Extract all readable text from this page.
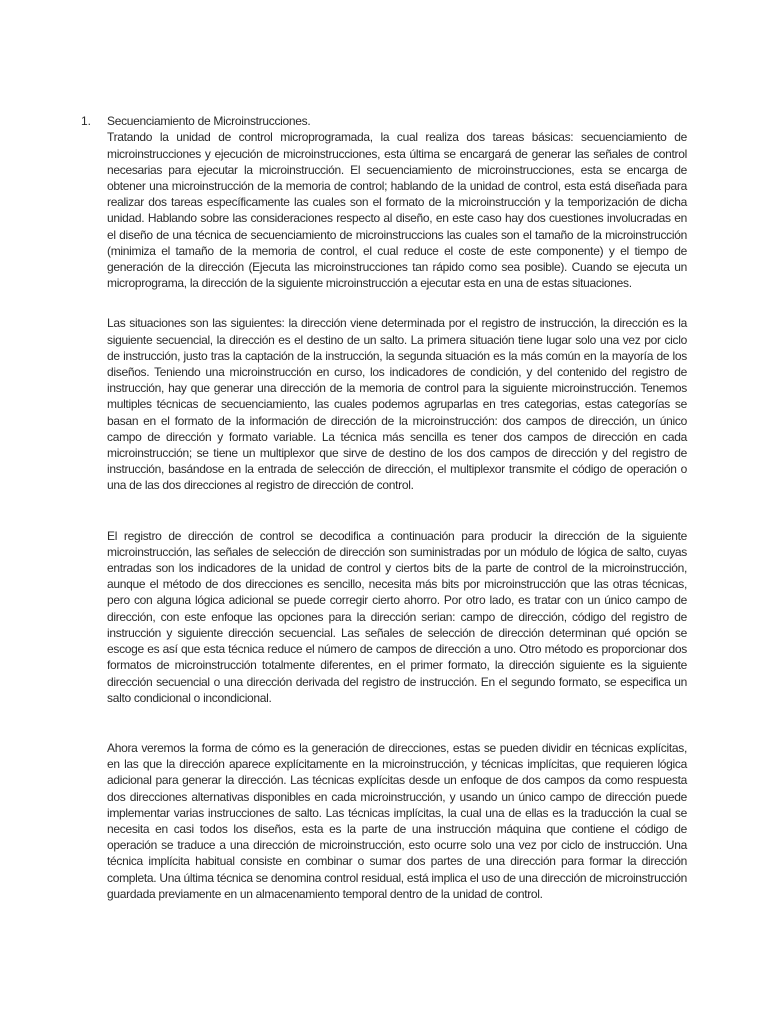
1. Secuenciamiento de Microinstrucciones.

Tratando la unidad de control microprogramada, la cual realiza dos tareas básicas: secuenciamiento de microinstrucciones y ejecución de microinstrucciones, esta última se encargará de generar las señales de control necesarias para ejecutar la microinstrucción. El secuenciamiento de microinstrucciones, esta se encarga de obtener una microinstrucción de la memoria de control; hablando de la unidad de control, esta está diseñada para realizar dos tareas específicamente las cuales son el formato de la microinstrucción y la temporización de dicha unidad. Hablando sobre las consideraciones respecto al diseño, en este caso hay dos cuestiones involucradas en el diseño de una técnica de secuenciamiento de microinstruccions las cuales son el tamaño de la microinstrucción (minimiza el tamaño de la memoria de control, el cual reduce el coste de este componente) y el tiempo de generación de la dirección (Ejecuta las microinstrucciones tan rápido como sea posible). Cuando se ejecuta un microprograma, la dirección de la siguiente microinstrucción a ejecutar esta en una de estas situaciones.

Las situaciones son las siguientes: la dirección viene determinada por el registro de instrucción, la dirección es la siguiente secuencial, la dirección es el destino de un salto. La primera situación tiene lugar solo una vez por ciclo de instrucción, justo tras la captación de la instrucción, la segunda situación es la más común en la mayoría de los diseños. Teniendo una microinstrucción en curso, los indicadores de condición, y del contenido del registro de instrucción, hay que generar una dirección de la memoria de control para la siguiente microinstrucción. Tenemos multiples técnicas de secuenciamiento, las cuales podemos agruparlas en tres categorias, estas categorías se basan en el formato de la información de dirección de la microinstrucción: dos campos de dirección, un único campo de dirección y formato variable. La técnica más sencilla es tener dos campos de dirección en cada microinstrucción; se tiene un multiplexor que sirve de destino de los dos campos de dirección y del registro de instrucción, basándose en la entrada de selección de dirección, el multiplexor transmite el código de operación o una de las dos direcciones al registro de dirección de control.

El registro de dirección de control se decodifica a continuación para producir la dirección de la siguiente microinstrucción, las señales de selección de dirección son suministradas por un módulo de lógica de salto, cuyas entradas son los indicadores de la unidad de control y ciertos bits de la parte de control de la microinstrucción, aunque el método de dos direcciones es sencillo, necesita más bits por microinstrucción que las otras técnicas, pero con alguna lógica adicional se puede corregir cierto ahorro. Por otro lado, es tratar con un único campo de dirección, con este enfoque las opciones para la dirección serian: campo de dirección, código del registro de instrucción y siguiente dirección secuencial. Las señales de selección de dirección determinan qué opción se escoge es así que esta técnica reduce el número de campos de dirección a uno. Otro método es proporcionar dos formatos de microinstrucción totalmente diferentes, en el primer formato, la dirección siguiente es la siguiente dirección secuencial o una dirección derivada del registro de instrucción. En el segundo formato, se especifica un salto condicional o incondicional.

Ahora veremos la forma de cómo es la generación de direcciones, estas se pueden dividir en técnicas explícitas, en las que la dirección aparece explícitamente en la microinstrucción, y técnicas implícitas, que requieren lógica adicional para generar la dirección. Las técnicas explícitas desde un enfoque de dos campos da como respuesta dos direcciones alternativas disponibles en cada microinstrucción, y usando un único campo de dirección puede implementar varias instrucciones de salto. Las técnicas implícitas, la cual una de ellas es la traducción la cual se necesita en casi todos los diseños, esta es la parte de una instrucción máquina que contiene el código de operación se traduce a una dirección de microinstrucción, esto ocurre solo una vez por ciclo de instrucción. Una técnica implícita habitual consiste en combinar o sumar dos partes de una dirección para formar la dirección completa. Una última técnica se denomina control residual, está implica el uso de una dirección de microinstrucción guardada previamente en un almacenamiento temporal dentro de la unidad de control.
